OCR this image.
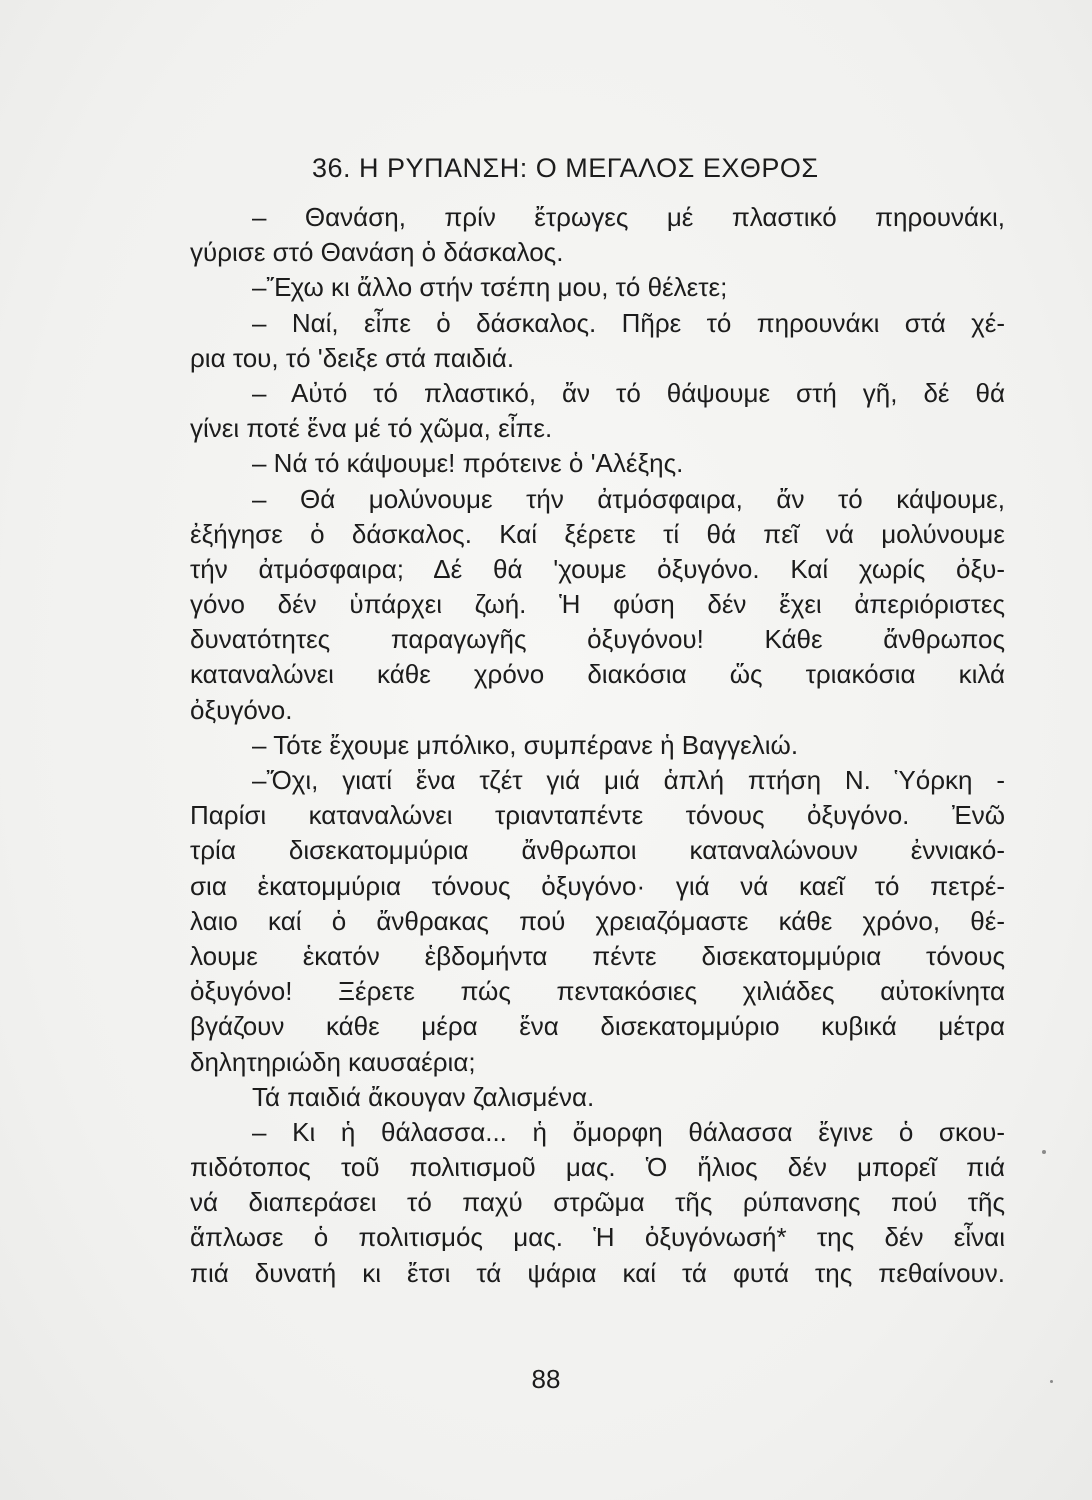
36. Η ΡΥΠΑΝΣΗ: Ο ΜΕΓΑΛΟΣ ΕΧΘΡΟΣ
– Θανάση, πρίν ἔτρωγες μέ πλαστικό πηρουνάκι,
γύρισε στό Θανάση ὁ δάσκαλος.
–Ἔχω κι ἄλλο στήν τσέπη μου, τό θέλετε;
– Ναί, εἶπε ὁ δάσκαλος. Πῆρε τό πηρουνάκι στά χέ-
ρια του, τό 'δειξε στά παιδιά.
– Αὐτό τό πλαστικό, ἄν τό θάψουμε στή γῆ, δέ θά
γίνει ποτέ ἕνα μέ τό χῶμα, εἶπε.
– Νά τό κάψουμε! πρότεινε ὁ 'Αλέξης.
– Θά μολύνουμε τήν ἀτμόσφαιρα, ἄν τό κάψουμε,
ἐξήγησε ὁ δάσκαλος. Καί ξέρετε τί θά πεῖ νά μολύνουμε
τήν ἀτμόσφαιρα; Δέ θά 'χουμε ὀξυγόνο. Καί χωρίς ὀξυ-
γόνο δέν ὑπάρχει ζωή. Ἡ φύση δέν ἔχει ἀπεριόριστες
δυνατότητες παραγωγῆς ὀξυγόνου! Κάθε ἄνθρωπος
καταναλώνει κάθε χρόνο διακόσια ὥς τριακόσια κιλά
ὀξυγόνο.
– Τότε ἔχουμε μπόλικο, συμπέρανε ἡ Βαγγελιώ.
–Ὄχι, γιατί ἕνα τζέτ γιά μιά ἁπλή πτήση Ν. Ὑόρκη -
Παρίσι καταναλώνει τριανταπέντε τόνους ὀξυγόνο. Ἐνῶ
τρία δισεκατομμύρια ἄνθρωποι καταναλώνουν ἐννιακό-
σια ἑκατομμύρια τόνους ὀξυγόνο· γιά νά καεῖ τό πετρέ-
λαιο καί ὁ ἄνθρακας πού χρειαζόμαστε κάθε χρόνο, θέ-
λουμε ἑκατόν ἑβδομήντα πέντε δισεκατομμύρια τόνους
ὀξυγόνο! Ξέρετε πώς πεντακόσιες χιλιάδες αὐτοκίνητα
βγάζουν κάθε μέρα ἕνα δισεκατομμύριο κυβικά μέτρα
δηλητηριώδη καυσαέρια;
Τά παιδιά ἄκουγαν ζαλισμένα.
– Κι ἡ θάλασσα... ἡ ὄμορφη θάλασσα ἔγινε ὁ σκου-
πιδότοπος τοῦ πολιτισμοῦ μας. Ὁ ἥλιος δέν μπορεῖ πιά
νά διαπεράσει τό παχύ στρῶμα τῆς ρύπανσης πού τῆς
ἅπλωσε ὁ πολιτισμός μας. Ἡ ὀξυγόνωσή* της δέν εἶναι
πιά δυνατή κι ἔτσι τά ψάρια καί τά φυτά της πεθαίνουν.
88
